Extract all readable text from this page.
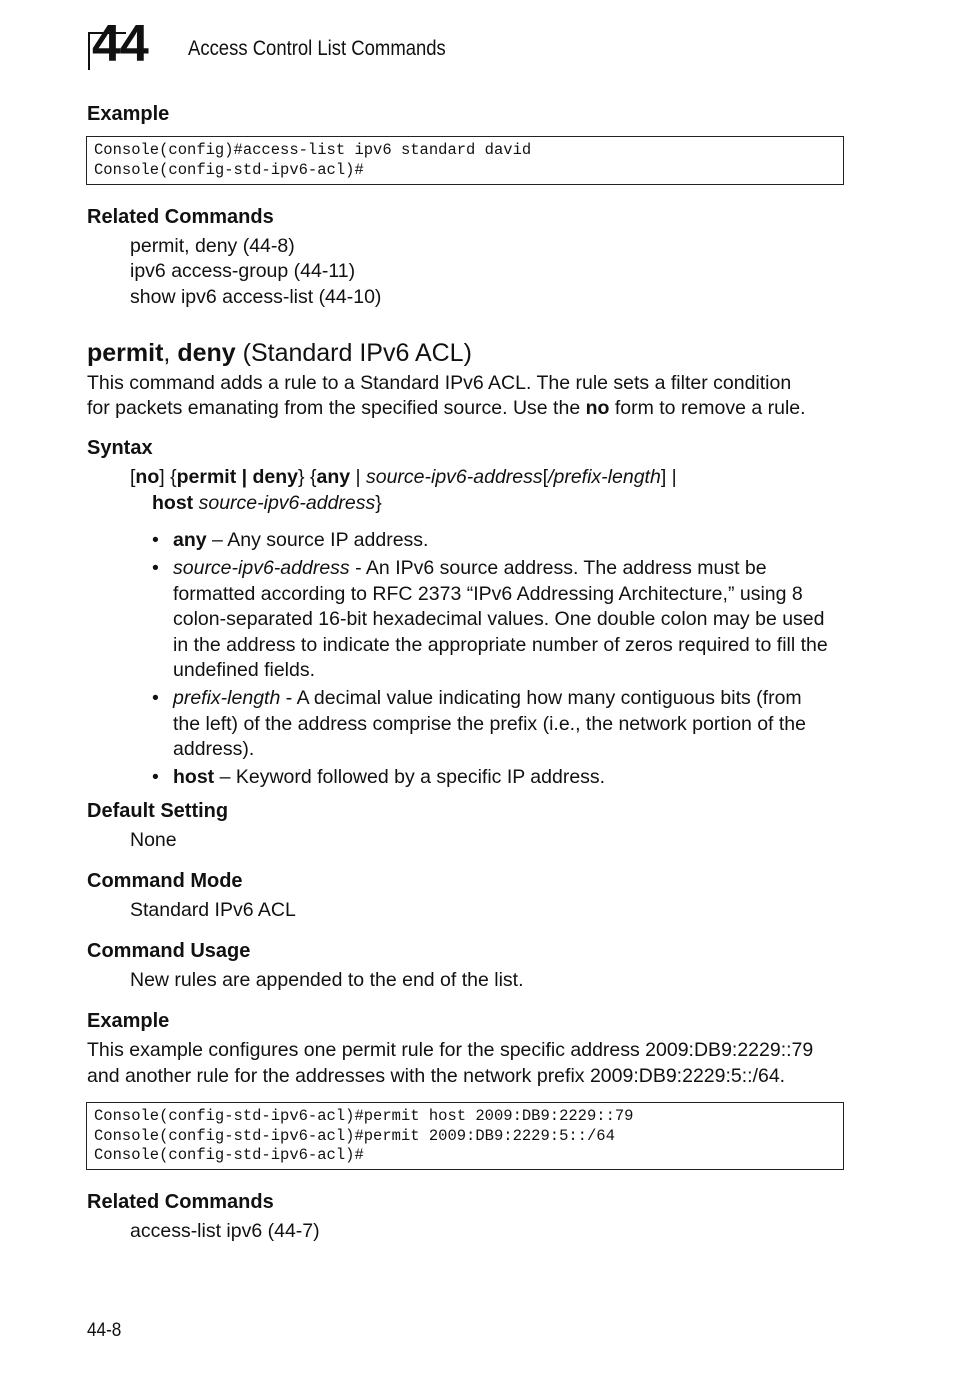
44 Access Control List Commands
Example
Console(config)#access-list ipv6 standard david
Console(config-std-ipv6-acl)#
Related Commands
permit, deny (44-8)
ipv6 access-group (44-11)
show ipv6 access-list (44-10)
permit, deny (Standard IPv6 ACL)
This command adds a rule to a Standard IPv6 ACL. The rule sets a filter condition
for packets emanating from the specified source. Use the no form to remove a rule.
Syntax
[no] {permit | deny} {any | source-ipv6-address[/prefix-length] |
host source-ipv6-address}
• any – Any source IP address.
• source-ipv6-address - An IPv6 source address. The address must be
formatted according to RFC 2373 “IPv6 Addressing Architecture,” using 8
colon-separated 16-bit hexadecimal values. One double colon may be used
in the address to indicate the appropriate number of zeros required to fill the
undefined fields.
• prefix-length - A decimal value indicating how many contiguous bits (from
the left) of the address comprise the prefix (i.e., the network portion of the
address).
• host – Keyword followed by a specific IP address.
Default Setting
None
Command Mode
Standard IPv6 ACL
Command Usage
New rules are appended to the end of the list.
Example
This example configures one permit rule for the specific address 2009:DB9:2229::79
and another rule for the addresses with the network prefix 2009:DB9:2229:5::/64.
Console(config-std-ipv6-acl)#permit host 2009:DB9:2229::79
Console(config-std-ipv6-acl)#permit 2009:DB9:2229:5::/64
Console(config-std-ipv6-acl)#
Related Commands
access-list ipv6 (44-7)
44-8
